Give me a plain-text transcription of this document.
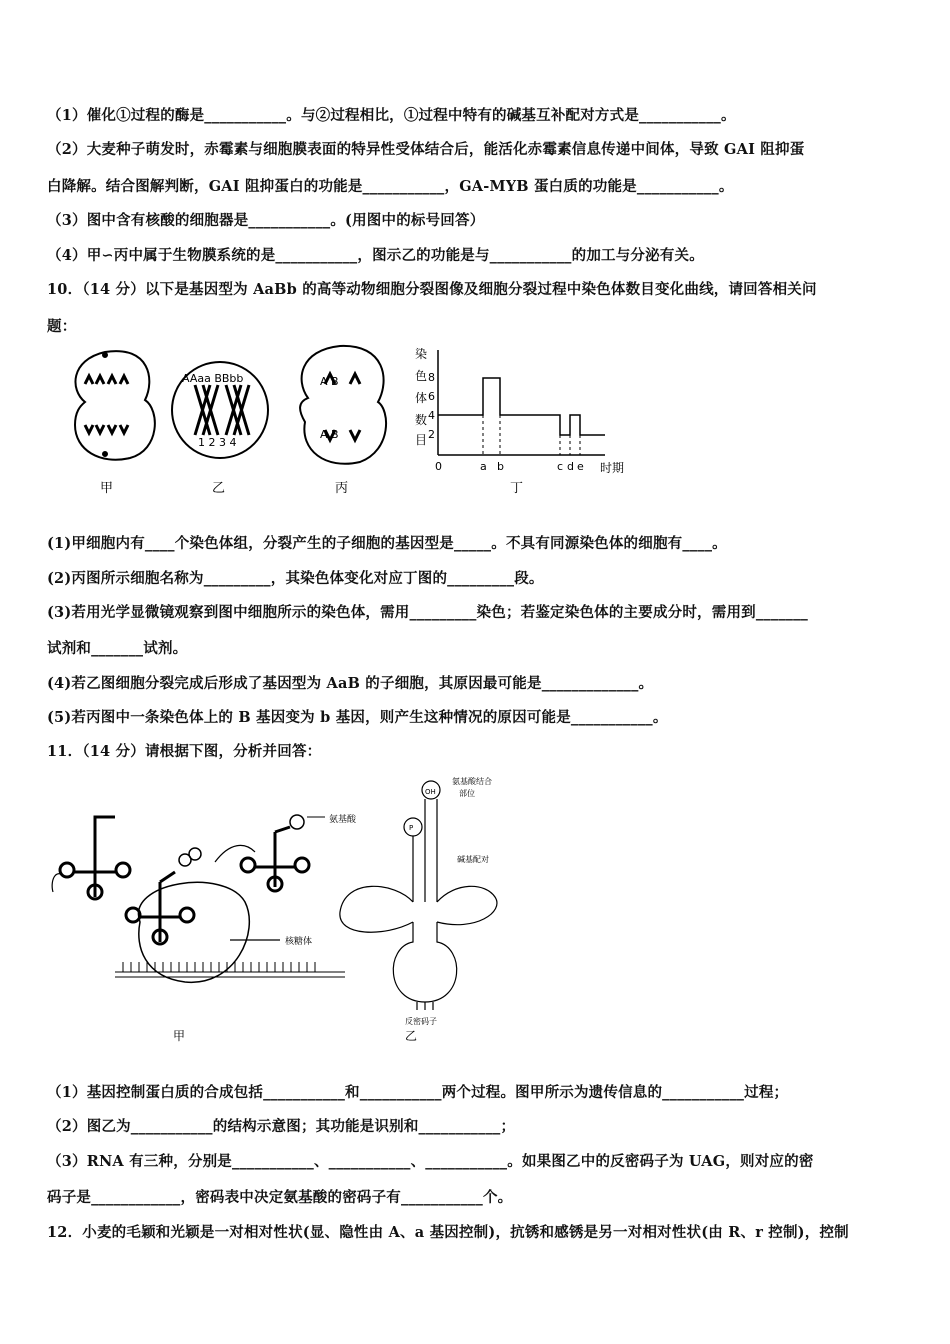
（1）催化①过程的酶是___________。与②过程相比，①过程中特有的碱基互补配对方式是___________。
（2）大麦种子萌发时，赤霉素与细胞膜表面的特异性受体结合后，能活化赤霉素信息传递中间体，导致 GAI 阻抑蛋
白降解。结合图解判断，GAI 阻抑蛋白的功能是___________，GA-MYB 蛋白质的功能是___________。
（3）图中含有核酸的细胞器是___________。(用图中的标号回答）
（4）甲∽丙中属于生物膜系统的是___________，图示乙的功能是与___________的加工与分泌有关。
10．（14 分）以下是基因型为 AaBb 的高等动物细胞分裂图像及细胞分裂过程中染色体数目变化曲线，请回答相关问
题：
AAaa BBbb
1 2 3 4
A B
A B
染
色
体
数
目
8
6
4
2
0	a b	c d e 时期
甲	乙	丙	丁
(1)甲细胞内有____个染色体组，分裂产生的子细胞的基因型是_____。不具有同源染色体的细胞有____。
(2)丙图所示细胞名称为_________，其染色体变化对应丁图的_________段。
(3)若用光学显微镜观察到图中细胞所示的染色体，需用_________染色；若鉴定染色体的主要成分时，需用到_______
试剂和_______试剂。
(4)若乙图细胞分裂完成后形成了基因型为 AaB 的子细胞，其原因最可能是_____________。
(5)若丙图中一条染色体上的 B 基因变为 b 基因，则产生这种情况的原因可能是___________。
11．（14 分）请根据下图，分析并回答：
核糖体
氨基酸
OH
P
氨基酸结合
部位
碱基配对
反密码子
甲	乙
（1）基因控制蛋白质的合成包括___________和___________两个过程。图甲所示为遗传信息的___________过程；
（2）图乙为___________的结构示意图；其功能是识别和___________；
（3）RNA 有三种，分别是___________、___________、___________。如果图乙中的反密码子为 UAG，则对应的密
码子是____________，密码表中决定氨基酸的密码子有___________个。
12．小麦的毛颖和光颖是一对相对性状(显、隐性由 A、a 基因控制)，抗锈和感锈是另一对相对性状(由 R、r 控制)，控制
